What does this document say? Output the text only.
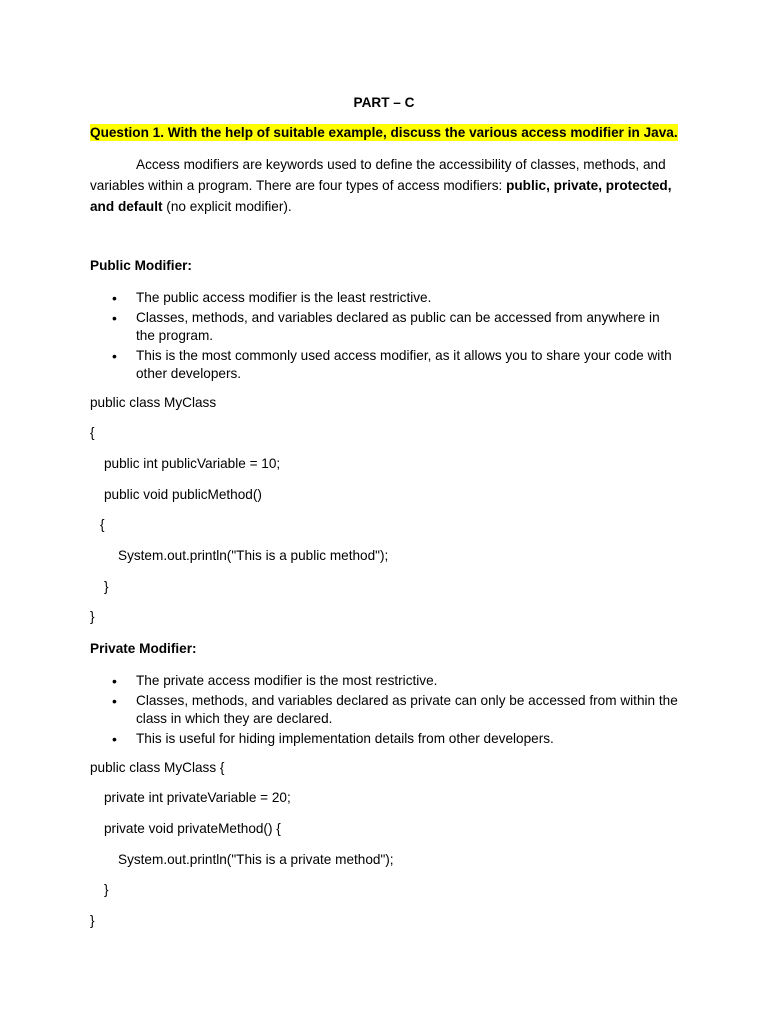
PART – C
Question 1. With the help of suitable example, discuss the various access modifier in Java.
Access modifiers are keywords used to define the accessibility of classes, methods, and variables within a program. There are four types of access modifiers: public, private, protected, and default (no explicit modifier).
Public Modifier:
• The public access modifier is the least restrictive.
• Classes, methods, and variables declared as public can be accessed from anywhere in the program.
• This is the most commonly used access modifier, as it allows you to share your code with other developers.
public class MyClass
{
public int publicVariable = 10;
public void publicMethod()
{
System.out.println("This is a public method");
}
}
Private Modifier:
• The private access modifier is the most restrictive.
• Classes, methods, and variables declared as private can only be accessed from within the class in which they are declared.
• This is useful for hiding implementation details from other developers.
public class MyClass {
private int privateVariable = 20;
private void privateMethod() {
System.out.println("This is a private method");
}
}
